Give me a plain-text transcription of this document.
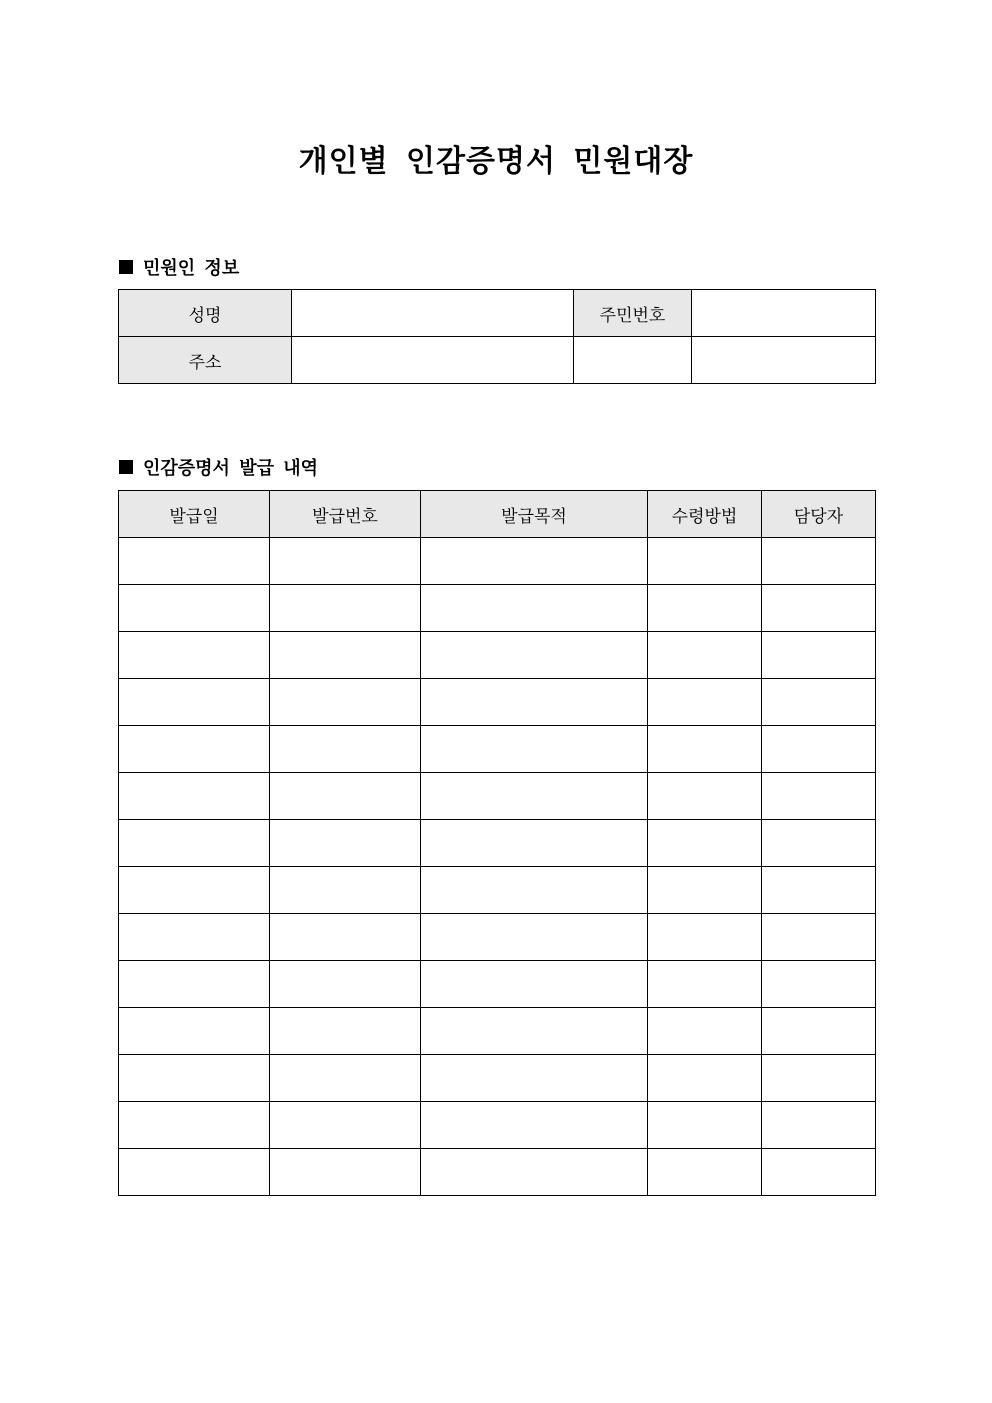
개인별 인감증명서 민원대장
민원인 정보
성명		주민번호	
주소			
인감증명서 발급 내역
발급일	발급번호	발급목적	수령방법	담당자
